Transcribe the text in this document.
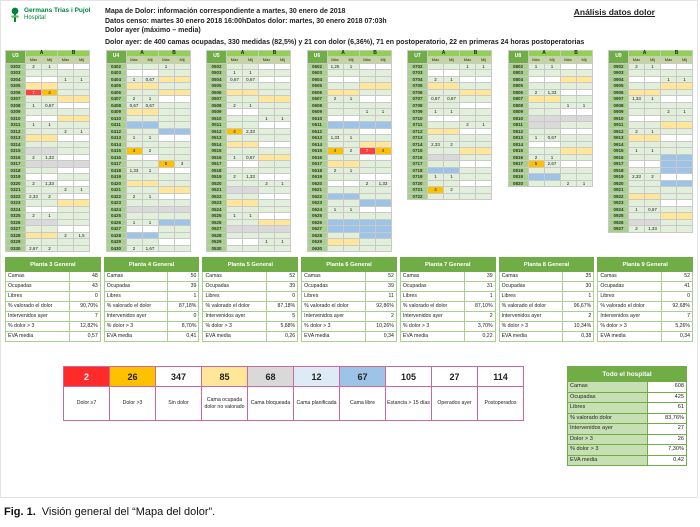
Germans Trias i Pujol
Hospital
Mapa de Dolor: información correspondiente a martes, 30 enero de 2018
Datos censo: martes 30 enero 2018 16:00hDatos dolor: martes, 30 enero 2018 07:03h
Dolor ayer (máximo – media)
Análisis datos dolor
Dolor ayer: de 400 camas ocupadas, 330 medidas (82,5%) y 21 con dolor (6,36%), 71 en postoperatorio, 22 en primeras 24 horas postoperatorias
U3	A		B	
	Máx	Mij	Máx	Mij
0302	2	1		
0303				
0304			1	1
0305				
0306	7	4		
0307				
0308	1	0,67		
0309				
0310				
0311	1	1		
0312			2	1
0313				
0314				
0315				
0316	2	1,33		
0317				
0318				
0319				
0320	2	1,33		
0321			2	1
0322	2,33	2		
0323				
0324				
0325	2	1		
0326				
0327				
0328			2	1,5
0329				
0330	2,67	2		
U4	A		B	
	Máx	Mij	Máx	Mij
0402			1	
0403				
0404	1	0,67		
0405				
0406				
0407	2	1		
0408	0,67	0,67		
0409				
0410				
0411				
0412				
0413	1	1		
0414				
0415	4	2		
0416				
0417			5	3
0418	1,33	1		
0419				
0420				
0421				
0422	2	1		
0423				
0424				
0425				
0426	1	1		
0427				
0428				
0429				
0430	2	1,67		
U5	A		B	
	Máx	Mij	Máx	Mij
0502				
0503	1	1		
0504	0,67	0,67		
0505				
0506				
0507				
0508	2	1		
0509				
0510			1	1
0511				
0512	4	2,33		
0513				
0514				
0515				
0516	1	0,67		
0517				
0518				
0519	2	1,33		
0520			2	1
0521				
0522				
0523				
0524				
0525	1	1		
0526				
0527				
0528				
0529			1	1
0530				
U6	A		B	
	Máx	Mij	Máx	Mij
0602	1,25	1		
0603				
0604				
0605				
0606				
0607	2	1		
0608				
0609			1	1
0610				
0611				
0612				
0613	1,33	1		
0614				
0615	4	2	7	4
0616				
0617				
0618	2	1		
0619				
0620			2	1,33
0621				
0622				
0623				
0624	1	1		
0625				
0626				
0627				
0628				
0629				
0630				
U7	A		B	
	Máx	Mij	Máx	Mij
0702			1	1
0703				
0704	2	1		
0705				
0706				
0707	0,67	0,67		
0708				
0709	1	1		
0710				
0711			2	1
0712				
0713				
0714	2,33	2		
0715				
0716				
0717				
0718				
0719	1	1		
0720				
0721	4	2		
0722				
U8	A		B	
	Máx	Mij	Máx	Mij
0802	1	1		
0803				
0804				
0805				
0806	2	1,33		
0807				
0808			1	1
0809				
0810				
0811				
0812				
0813	1	0,67		
0814				
0815				
0816	2	1		
0817	5	2,67		
0818				
0819				
0820			2	1
U9	A		B	
	Máx	Mij	Máx	Mij
0902	2	1		
0903				
0904			1	1
0905				
0906				
0907	1,33	1		
0908				
0909			2	1
0910				
0911				
0912	2	1		
0913				
0914				
0915	1	1		
0916				
0917				
0918				
0919	2,33	2		
0920				
0921				
0922				
0923				
0924	1	0,67		
0925				
0926				
0927	2	1,33		
Planta 3 General	
Camas	48
Ocupadas	43
Libres	0
% valorado el dolor	90,70%
Intervenidos ayer	7
% dolor > 3	12,82%
EVA media	0,57
Planta 4 General	
Camas	50
Ocupadas	39
Libres	1
% valorado el dolor	87,18%
Intervenidos ayer	0
% dolor > 3	8,70%
EVA media	0,41
Planta 5 General	
Camas	52
Ocupadas	39
Libres	0
% valorado el dolor	87,18%
Intervenidos ayer	5
% dolor > 3	5,88%
EVA media	0,26
Planta 6 General	
Camas	52
Ocupadas	39
Libres	11
% valorado el dolor	92,86%
Intervenidos ayer	2
% dolor > 3	10,26%
EVA media	0,34
Planta 7 General	
Camas	39
Ocupadas	31
Libres	1
% valorado el dolor	87,10%
Intervenidos ayer	2
% dolor > 3	3,70%
EVA media	0,22
Planta 8 General	
Camas	35
Ocupadas	30
Libres	1
% valorado el dolor	96,67%
Intervenidos ayer	2
% dolor > 3	10,34%
EVA media	0,38
Planta 9 General	
Camas	52
Ocupadas	41
Libres	0
% valorado el dolor	92,68%
Intervenidos ayer	7
% dolor > 3	5,26%
EVA media	0,34
2	26	347	85	68	12	67	105	27	114
Dolor ≥7	Dolor >3	Sin dolor	Cama ocupada dolor no valorado	Cama bloqueada	Cama planificada	Cama libre	Estancia > 15 días	Operados ayer	Postoperados
Todo el hospital	
Camas	608
Ocupadas	425
Libres	61
% valorado dolor	83,76%
Intervenidos ayer	27
Dolor > 3	26
% dolor > 3	7,30%
EVA media	0,42
Fig. 1. Visión general del “Mapa del dolor”.
